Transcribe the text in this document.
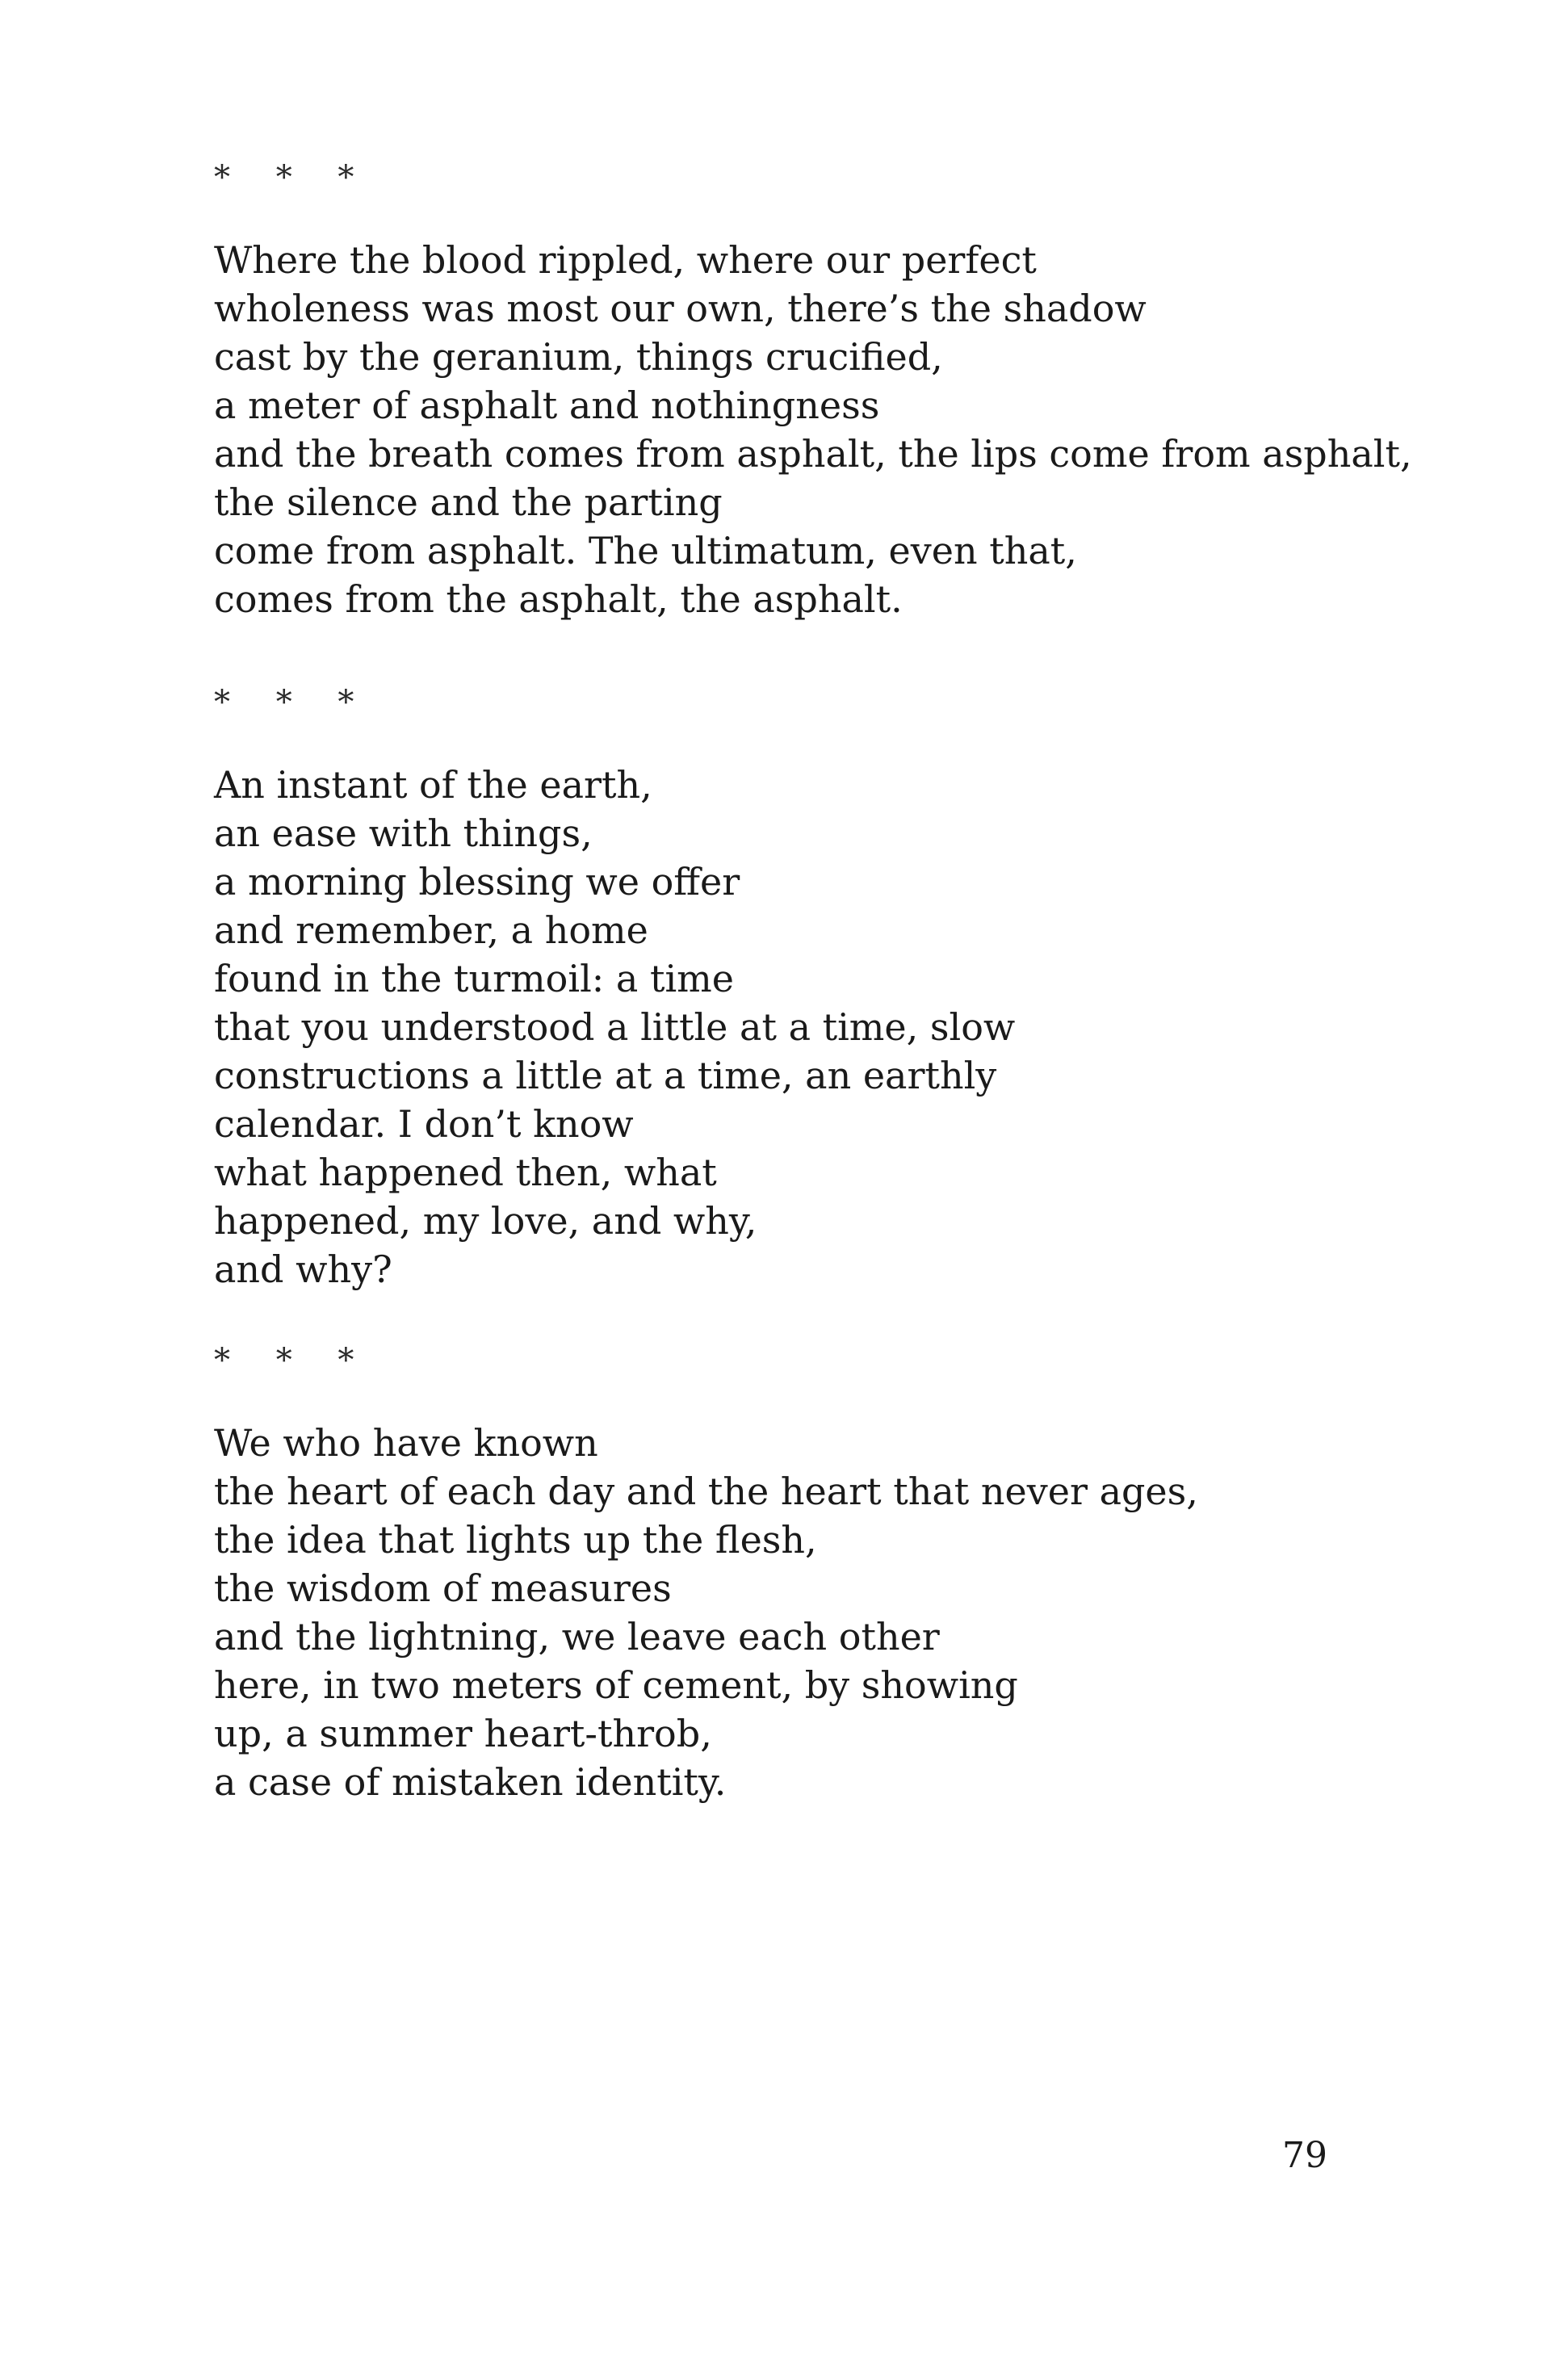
* * *
Where the blood rippled, where our perfect
wholeness was most our own, there’s the shadow
cast by the geranium, things crucified,
a meter of asphalt and nothingness
and the breath comes from asphalt, the lips come from asphalt,
the silence and the parting
come from asphalt. The ultimatum, even that,
comes from the asphalt, the asphalt.
* * *
An instant of the earth,
an ease with things,
a morning blessing we offer
and remember, a home
found in the turmoil: a time
that you understood a little at a time, slow
constructions a little at a time, an earthly
calendar. I don’t know
what happened then, what
happened, my love, and why,
and why?
* * *
We who have known
the heart of each day and the heart that never ages,
the idea that lights up the flesh,
the wisdom of measures
and the lightning, we leave each other
here, in two meters of cement, by showing
up, a summer heart-throb,
a case of mistaken identity.
79
